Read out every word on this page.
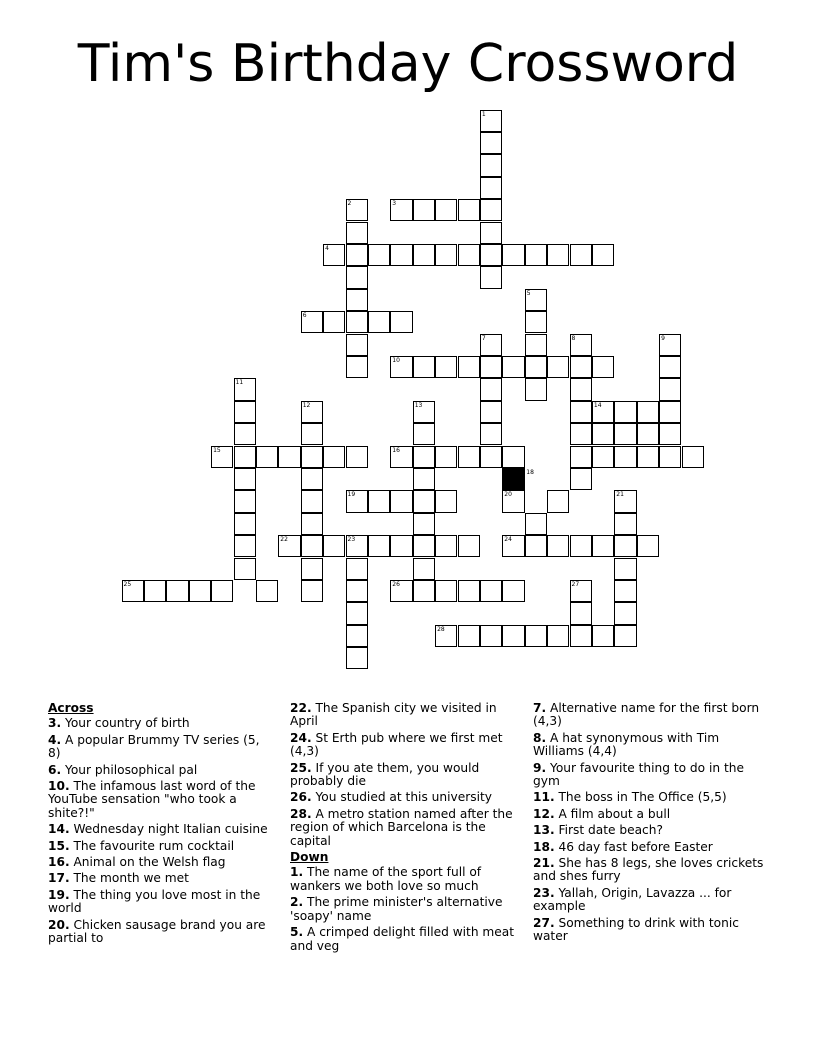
Tim's Birthday Crossword
1
2	3
4
5
6
7	8	9
10
11
12	13	14
15	16
18
19	20	21
22	23	24
25	26	27
28
Across
3. Your country of birth
4. A popular Brummy TV series (5, 8)
6. Your philosophical pal
10. The infamous last word of the YouTube sensation "who took a shite?!"
14. Wednesday night Italian cuisine
15. The favourite rum cocktail
16. Animal on the Welsh flag
17. The month we met
19. The thing you love most in the world
20. Chicken sausage brand you are partial to
22. The Spanish city we visited in April
24. St Erth pub where we first met (4,3)
25. If you ate them, you would probably die
26. You studied at this university
28. A metro station named after the region of which Barcelona is the capital
Down
1. The name of the sport full of wankers we both love so much
2. The prime minister's alternative 'soapy' name
5. A crimped delight filled with meat and veg
7. Alternative name for the first born (4,3)
8. A hat synonymous with Tim Williams (4,4)
9. Your favourite thing to do in the gym
11. The boss in The Office (5,5)
12. A film about a bull
13. First date beach?
18. 46 day fast before Easter
21. She has 8 legs, she loves crickets and shes furry
23. Yallah, Origin, Lavazza ... for example
27. Something to drink with tonic water
